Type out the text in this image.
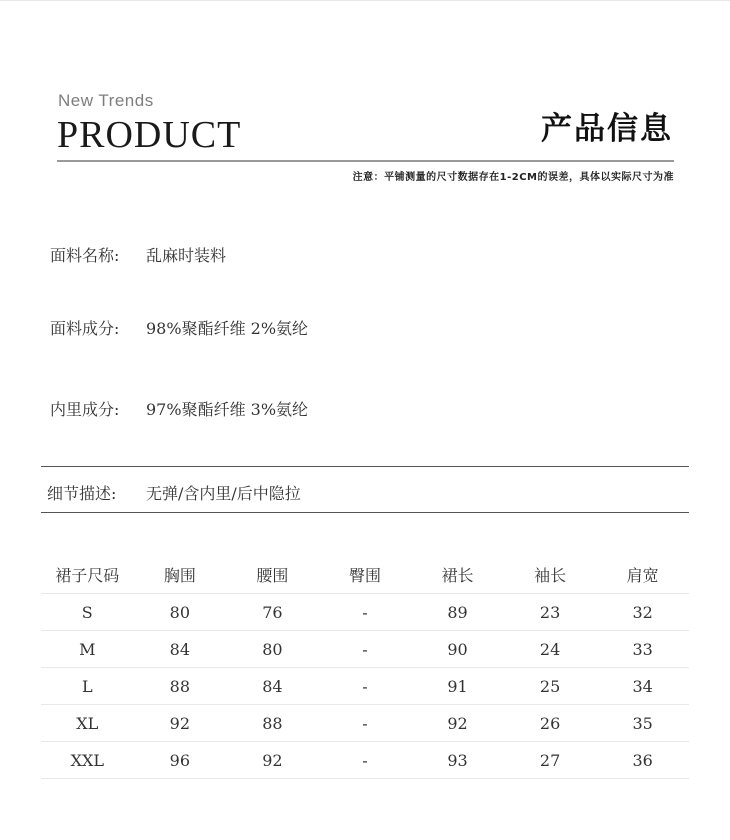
New Trends
PRODUCT	产品信息
注意：平铺测量的尺寸数据存在1-2CM的误差，具体以实际尺寸为准
面料名称: 乱麻时装料
面料成分: 98%聚酯纤维 2%氨纶
内里成分: 97%聚酯纤维 3%氨纶
细节描述: 无弹/含内里/后中隐拉
裙子尺码	胸围	腰围	臀围	裙长	袖长	肩宽
S	80	76	-	89	23	32
M	84	80	-	90	24	33
L	88	84	-	91	25	34
XL	92	88	-	92	26	35
XXL	96	92	-	93	27	36
